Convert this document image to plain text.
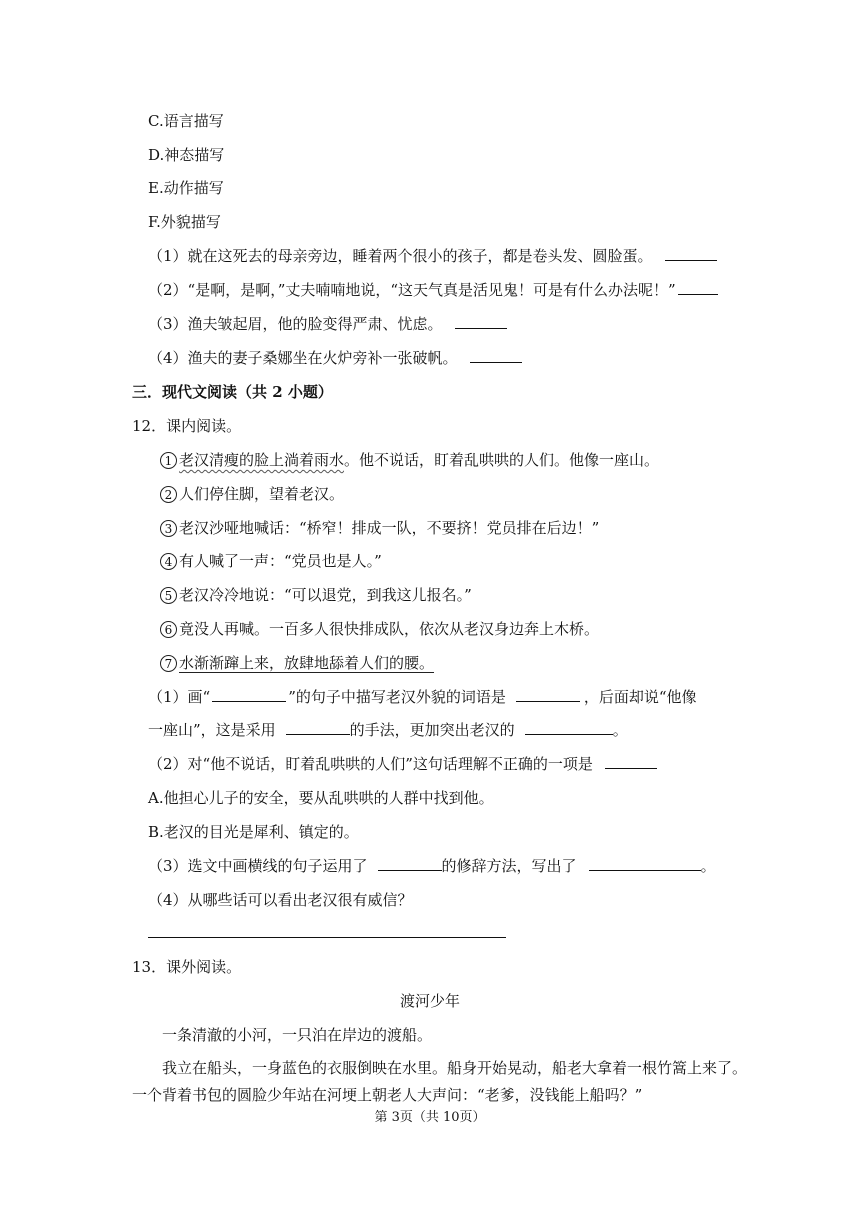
C.语言描写
D.神态描写
E.动作描写
F.外貌描写
（1）就在这死去的母亲旁边，睡着两个很小的孩子，都是卷头发、圆脸蛋。
（2）“是啊，是啊，”丈夫喃喃地说，“这天气真是活见鬼！可是有什么办法呢！”
（3）渔夫皱起眉，他的脸变得严肃、忧虑。
（4）渔夫的妻子桑娜坐在火炉旁补一张破帆。
三．现代文阅读（共 2 小题）
12．课内阅读。
1 老汉清瘦的脸上淌着雨水。他不说话，盯着乱哄哄的人们。他像一座山。
2 人们停住脚，望着老汉。
3 老汉沙哑地喊话：“桥窄！排成一队，不要挤！党员排在后边！”
4 有人喊了一声：“党员也是人。”
5 老汉冷冷地说：“可以退党，到我这儿报名。”
6 竟没人再喊。一百多人很快排成队，依次从老汉身边奔上木桥。
7 水渐渐蹿上来，放肆地舔着人们的腰。
（1）画“	”的句子中描写老汉外貌的词语是	，后面却说“他像
一座山”，这是采用	的手法，更加突出老汉的	。
（2）对“他不说话，盯着乱哄哄的人们”这句话理解不正确的一项是
A.他担心儿子的安全，要从乱哄哄的人群中找到他。
B.老汉的目光是犀利、镇定的。
（3）选文中画横线的句子运用了	的修辞方法，写出了	。
（4）从哪些话可以看出老汉很有威信？
13．课外阅读。
渡河少年
一条清澈的小河，一只泊在岸边的渡船。
我立在船头，一身蓝色的衣服倒映在水里。船身开始晃动，船老大拿着一根竹篙上来了。
一个背着书包的圆脸少年站在河埂上朝老人大声问：“老爹，没钱能上船吗？”
第 3页（共 10页）
